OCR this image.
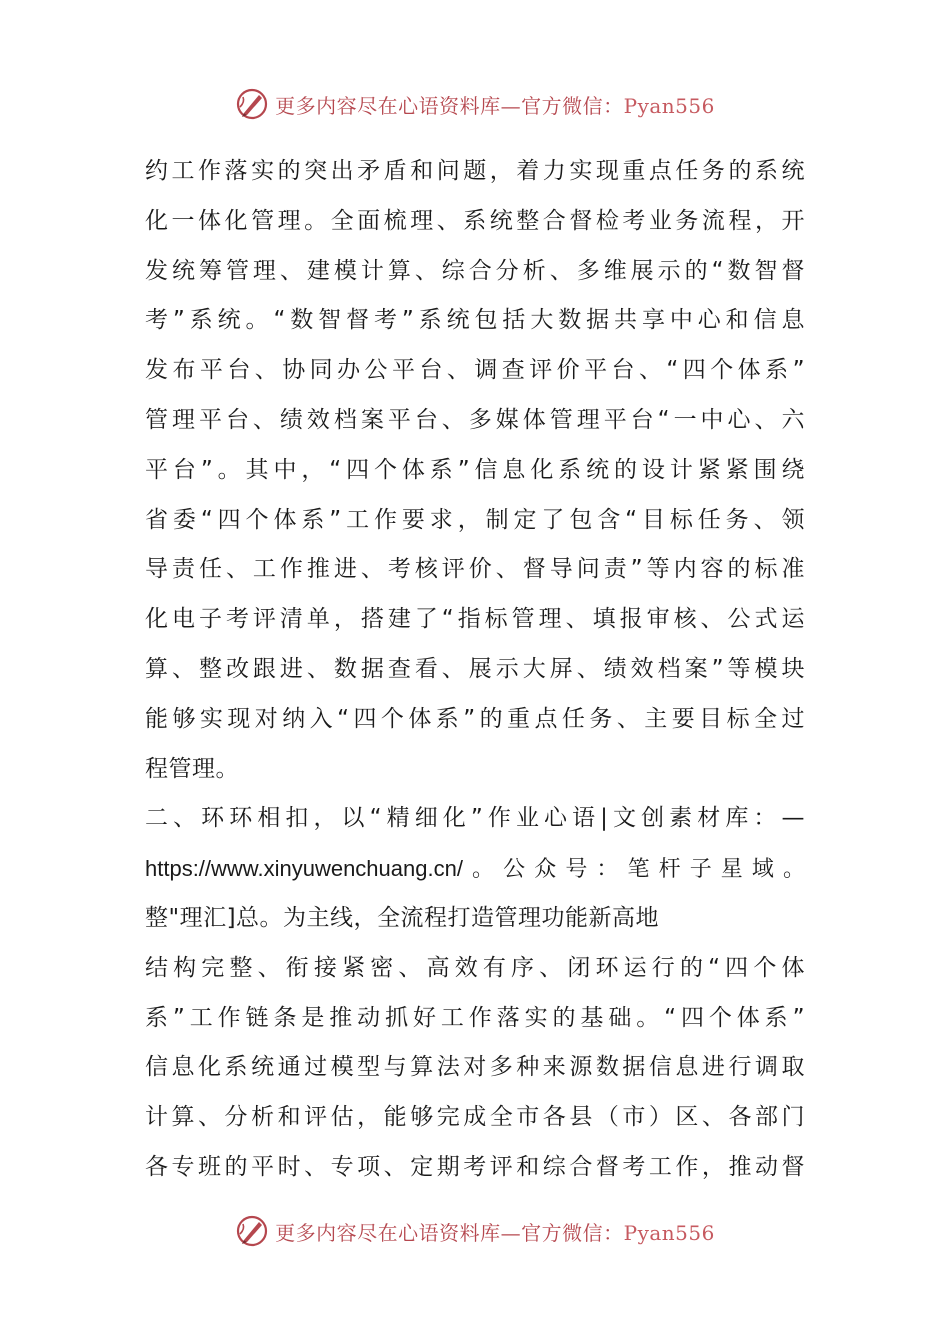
更多内容尽在心语资料库—官方微信：Pyan556
约工作落实的突出矛盾和问题，着力实现重点任务的系统
化一体化管理。全面梳理、系统整合督检考业务流程，开
发统筹管理、建模计算、综合分析、多维展示的“数智督
考”系统。“数智督考”系统包括大数据共享中心和信息
发布平台、协同办公平台、调查评价平台、“四个体系”
管理平台、绩效档案平台、多媒体管理平台“一中心、六
平台”。其中，“四个体系”信息化系统的设计紧紧围绕
省委“四个体系”工作要求，制定了包含“目标任务、领
导责任、工作推进、考核评价、督导问责”等内容的标准
化电子考评清单，搭建了“指标管理、填报审核、公式运
算、整改跟进、数据查看、展示大屏、绩效档案”等模块
能够实现对纳入“四个体系”的重点任务、主要目标全过
程管理。
二、环环相扣，以“精细化”作业心语|文创素材库：—
https://www.xinyuwenchuang.cn/。公众号：笔杆子星域。
整"理汇]总。为主线，全流程打造管理功能新高地
结构完整、衔接紧密、高效有序、闭环运行的“四个体
系”工作链条是推动抓好工作落实的基础。“四个体系”
信息化系统通过模型与算法对多种来源数据信息进行调取
计算、分析和评估，能够完成全市各县（市）区、各部门
各专班的平时、专项、定期考评和综合督考工作，推动督
更多内容尽在心语资料库—官方微信：Pyan556
